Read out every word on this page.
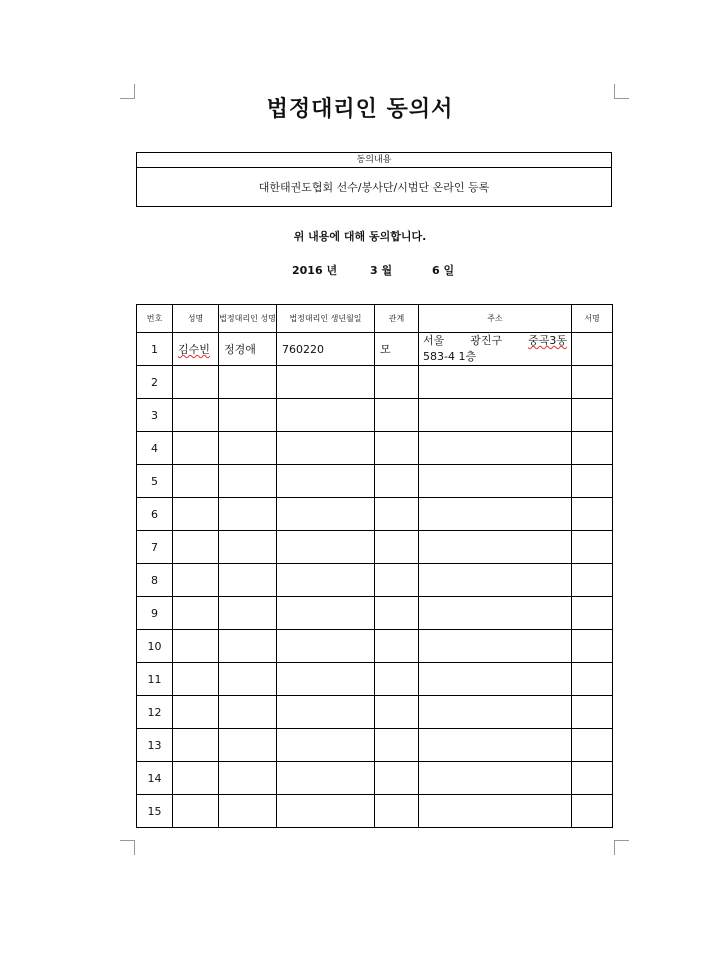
법정대리인 동의서
동의내용
대한태권도협회 선수/봉사단/시범단 온라인 등록
위 내용에 대해 동의합니다.
2016 년	3 월	6 일
번호	성명	법정대리인 성명	법정대리인 생년월일	관계	주소	서명
1	김수빈	정경애	760220	모	서울 광진구 중곡3동
583-4 1층	

2					

3					

4					

5					

6					

7					

8					

9					

10					

11					

12					

13					

14					

15					
